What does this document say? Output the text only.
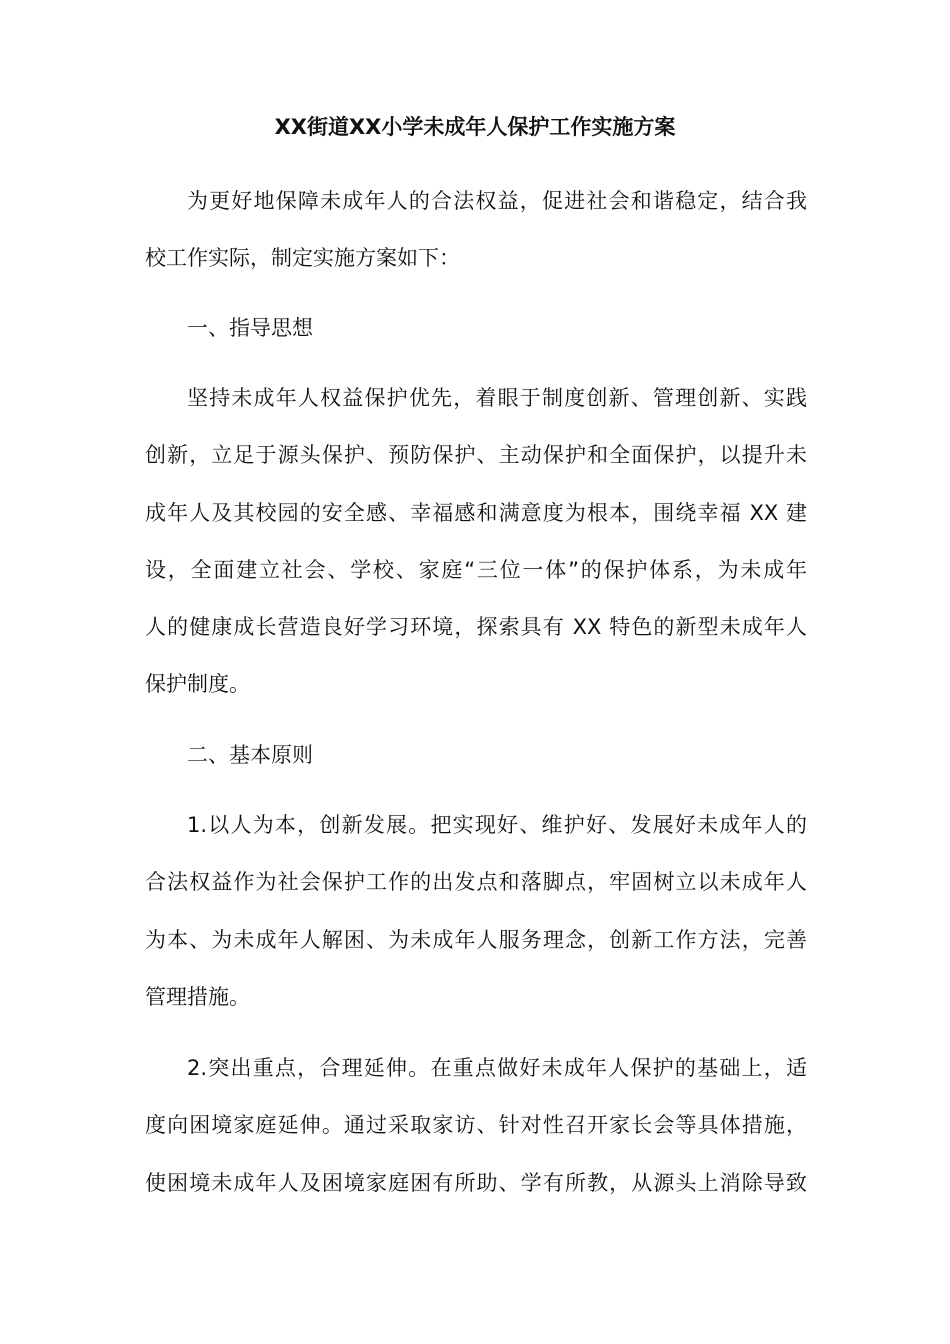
XX街道XX小学未成年人保护工作实施方案
为更好地保障未成年人的合法权益，促进社会和谐稳定，结合我
校工作实际，制定实施方案如下：
一、指导思想
坚持未成年人权益保护优先，着眼于制度创新、管理创新、实践
创新，立足于源头保护、预防保护、主动保护和全面保护，以提升未
成年人及其校园的安全感、幸福感和满意度为根本，围绕幸福 XX 建
设，全面建立社会、学校、家庭“三位一体”的保护体系，为未成年
人的健康成长营造良好学习环境，探索具有 XX 特色的新型未成年人
保护制度。
二、基本原则
1.以人为本，创新发展。把实现好、维护好、发展好未成年人的
合法权益作为社会保护工作的出发点和落脚点，牢固树立以未成年人
为本、为未成年人解困、为未成年人服务理念，创新工作方法，完善
管理措施。
2.突出重点，合理延伸。在重点做好未成年人保护的基础上，适
度向困境家庭延伸。通过采取家访、针对性召开家长会等具体措施，
使困境未成年人及困境家庭困有所助、学有所教，从源头上消除导致
